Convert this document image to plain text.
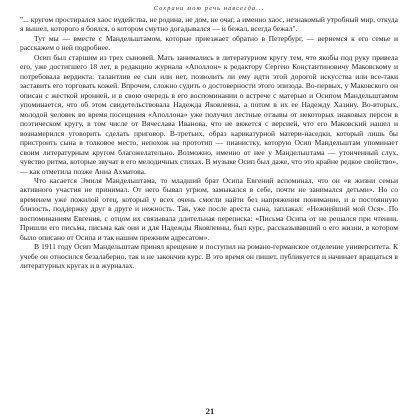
Сохрани мою речь навсегда...

"... кругом простирался хаос иудейства, не родина, не дом, не очаг, а именно хаос, незнакомый утробный мир, откуда я вышел, которого я боялся, о котором смутно догадывался — и бежал, всегда бежал".

Тут мы — вместе с Мандельштамом, которые приезжает обратно в Петербург, — вернемся к его семье и расскажем о ней подробнее.

Осип был старшим из трех сыновей. Мать занимались в литературном кругу тем, что якобы под руку привела его, уже достигшего 18 лет, в редакцию журнала «Аполлон» к редактору Сергею Константиновичу Маковскому и потребовала вердикта: талантлив ее сын или нет, позволить ли ему идти этой дорогой искусства или все-таки заставить его торговать кожей. Впрочем, сложно судить о достоверности этого эпизода. Во-первых, у Маковского он описан с жесткой иронией, и в свою очередь в его воспоминании о встрече с матерью и Осипом Мандельштамом упоминается, что об этом свидетельствовала Надежда Яковлевна, а потом в их ее Надежду Хазину. Во-вторых, молодой человек во время посещения «Аполлона» уже получил лестные отзывы от некоторых знаковых персон в поэтическом кругу, в том числе от Вячеслава Иванова, что не вяжется с версией, что его Маковский нашел и вознамерился уговорить сделать приговор. В-третьих, образ карикатурной матери-наседки, который лишь бы пристроить сына в толковое место, непохож на прототип — пианистку, которую Осип Мандельштам упоминает своим литературным кругом благожелательно. Возможно, именно от нее у Мандельштама — утонченный слух, чувство ритма, которые звучат в его мелодичных стихах. В музыке Осип был даже, что это крайне редкое свойство», — как отметила позже Анна Ахматова.

Что касается Эмиля Мандельштама, то младший брат Осипа Евгений вспоминал, что он «в жизни семьи активного участия не принимал. От него бывал угрюм, замыкался в себе, почти не занимался детьми». Но со временем уже пожилой отец, который у всех очень смогли найти без напряжения понимание, и в постоянную близость, поддержку друг в друге и нежность. Так, уже после ареста сына, заплакал: «Нежнейший мой Ося». По воспоминаниям Евгения, с отцом их связывала длительная переписка: «Письма Осипа от не решался при чтении. Пришли его письма, письма как они и для Надежды Яковлевны, был курс, рассказывавший о его жизни, в котором было описано от Осипа и так нашим прежним адресатом».

В 1911 году Осип Мандельштам принял крещение и поступил на романо-германское отделение университета. К учебе он относился безалаберно, так и не закончив курс. В это время он пишет, публикуется и начинает вращаться в литературных кругах и в журналах.

21
